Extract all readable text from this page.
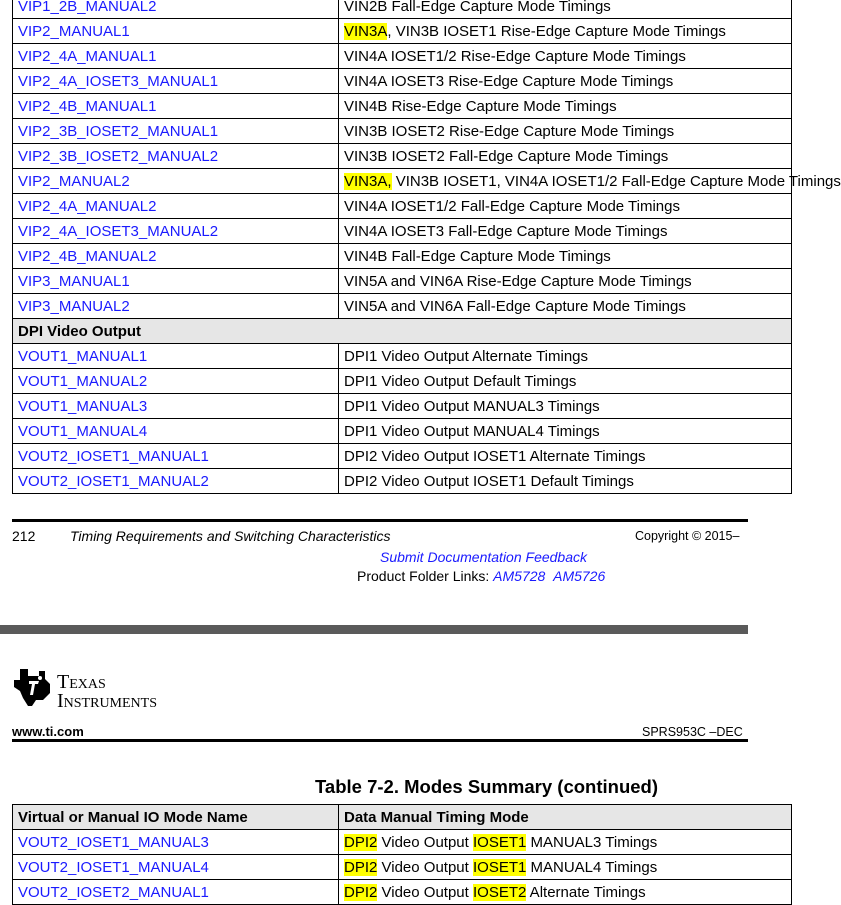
VIP1_2B_MANUAL2	VIN2B Fall-Edge Capture Mode Timings
VIP2_MANUAL1	VIN3A, VIN3B IOSET1 Rise-Edge Capture Mode Timings
VIP2_4A_MANUAL1	VIN4A IOSET1/2 Rise-Edge Capture Mode Timings
VIP2_4A_IOSET3_MANUAL1	VIN4A IOSET3 Rise-Edge Capture Mode Timings
VIP2_4B_MANUAL1	VIN4B Rise-Edge Capture Mode Timings
VIP2_3B_IOSET2_MANUAL1	VIN3B IOSET2 Rise-Edge Capture Mode Timings
VIP2_3B_IOSET2_MANUAL2	VIN3B IOSET2 Fall-Edge Capture Mode Timings
VIP2_MANUAL2	VIN3A, VIN3B IOSET1, VIN4A IOSET1/2 Fall-Edge Capture Mode Timings
VIP2_4A_MANUAL2	VIN4A IOSET1/2 Fall-Edge Capture Mode Timings
VIP2_4A_IOSET3_MANUAL2	VIN4A IOSET3 Fall-Edge Capture Mode Timings
VIP2_4B_MANUAL2	VIN4B Fall-Edge Capture Mode Timings
VIP3_MANUAL1	VIN5A and VIN6A Rise-Edge Capture Mode Timings
VIP3_MANUAL2	VIN5A and VIN6A Fall-Edge Capture Mode Timings
DPI Video Output	
VOUT1_MANUAL1	DPI1 Video Output Alternate Timings
VOUT1_MANUAL2	DPI1 Video Output Default Timings
VOUT1_MANUAL3	DPI1 Video Output MANUAL3 Timings
VOUT1_MANUAL4	DPI1 Video Output MANUAL4 Timings
VOUT2_IOSET1_MANUAL1	DPI2 Video Output IOSET1 Alternate Timings
VOUT2_IOSET1_MANUAL2	DPI2 Video Output IOSET1 Default Timings
212 Timing Requirements and Switching Characteristics	Copyright © 2015–
Submit Documentation Feedback
Product Folder Links: AM5728 AM5726
Texas
Instruments
www.ti.com	SPRS953C –DEC
Table 7-2. Modes Summary (continued)
Virtual or Manual IO Mode Name	Data Manual Timing Mode
VOUT2_IOSET1_MANUAL3	DPI2 Video Output IOSET1 MANUAL3 Timings
VOUT2_IOSET1_MANUAL4	DPI2 Video Output IOSET1 MANUAL4 Timings
VOUT2_IOSET2_MANUAL1	DPI2 Video Output IOSET2 Alternate Timings
